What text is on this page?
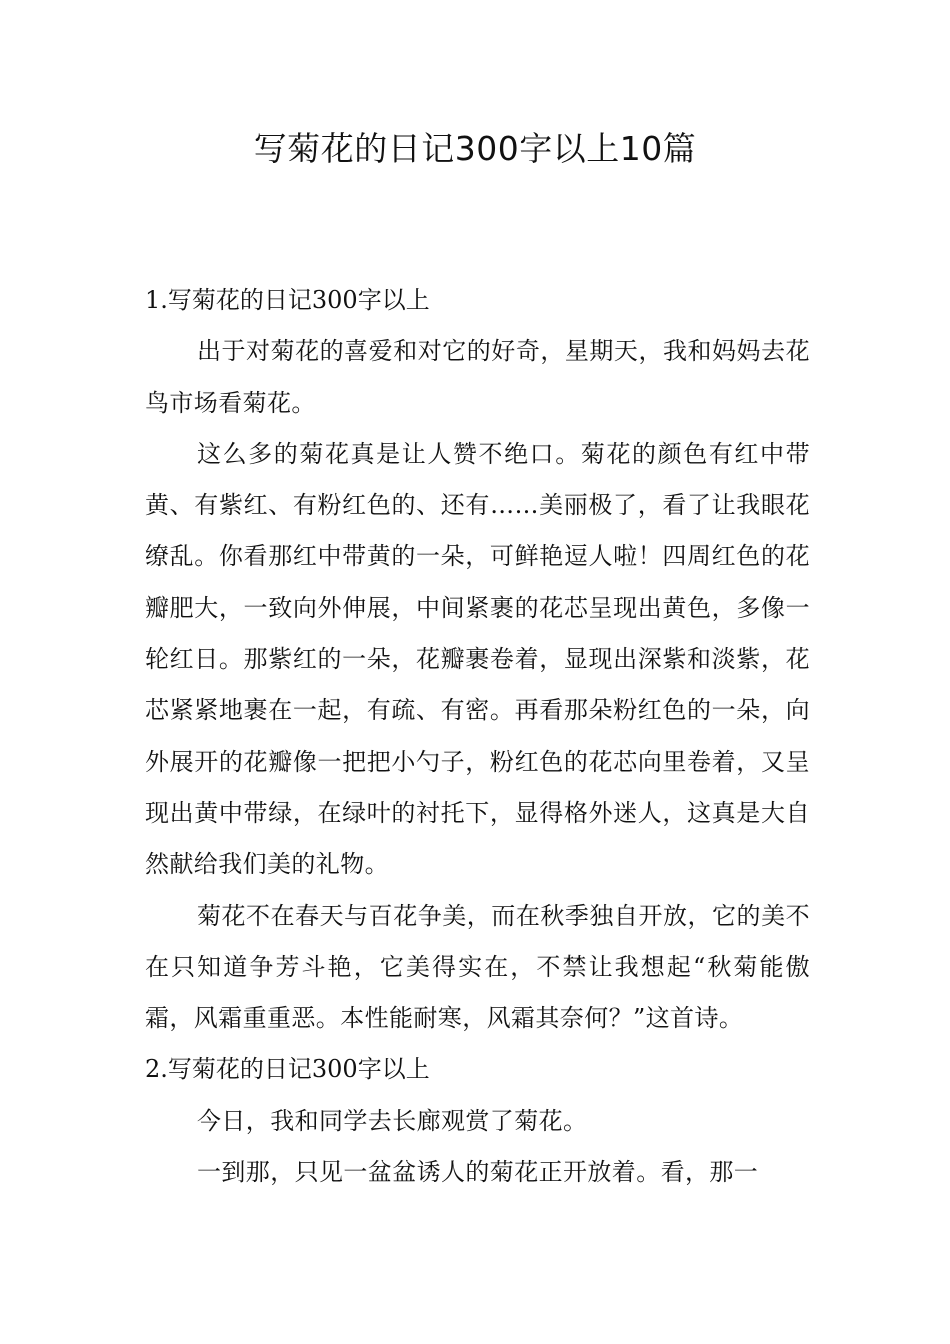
写菊花的日记300字以上10篇
1.写菊花的日记300字以上

出于对菊花的喜爱和对它的好奇，星期天，我和妈妈去花鸟市场看菊花。

这么多的菊花真是让人赞不绝口。菊花的颜色有红中带黄、有紫红、有粉红色的、还有……美丽极了，看了让我眼花缭乱。你看那红中带黄的一朵，可鲜艳逗人啦！四周红色的花瓣肥大，一致向外伸展，中间紧裹的花芯呈现出黄色，多像一轮红日。那紫红的一朵，花瓣裹卷着，显现出深紫和淡紫，花芯紧紧地裹在一起，有疏、有密。再看那朵粉红色的一朵，向外展开的花瓣像一把把小勺子，粉红色的花芯向里卷着，又呈现出黄中带绿，在绿叶的衬托下，显得格外迷人，这真是大自然献给我们美的礼物。

菊花不在春天与百花争美，而在秋季独自开放，它的美不在只知道争芳斗艳，它美得实在，不禁让我想起“秋菊能傲霜，风霜重重恶。本性能耐寒，风霜其奈何？”这首诗。

2.写菊花的日记300字以上

今日，我和同学去长廊观赏了菊花。

一到那，只见一盆盆诱人的菊花正开放着。看，那一
